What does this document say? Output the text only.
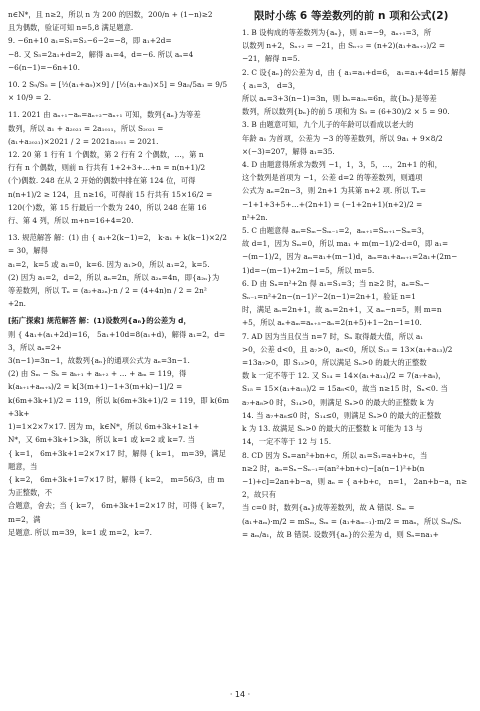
n∈N*，且 n≥2，所以 n 为 200 的因数，200/n + (1−n)≥2

且为偶数，验证可知 n=5,8 满足题意.

9. −6n+10 a₁=S₁=S₂−6−2=−8，即 a₁+2d=

−8. 又 S₅=2a₁+d=2，解得 a₁=4，d=−6. 所以 aₙ=4

−6(n−1)=−6n+10.

10. 2 S₉/S₅ = [½(a₁+a₉)×9] / [½(a₁+a₅)×5] = 9a₅/5a₃ = 9/5 × 10/9 = 2.

11. 2021 由 aₙ₊₁−aₙ=aₙ₊₂−aₙ₊₁ 可知，数列{aₙ}为等差

数列，所以 a₁ + a₂₀₂₁ = 2a₁₀₁₁，所以 S₂₀₂₁ =

(a₁+a₂₀₂₁)×2021 / 2 = 2021a₁₀₁₁ = 2021.

12. 20 第 1 行有 1 个偶数，第 2 行有 2 个偶数，…，第 n

行有 n 个偶数，则前 n 行共有 1+2+3+…+n = n(n+1)/2

(个)偶数. 248 在从 2 开始的偶数中排在第 124 位，可得

n(n+1)/2 ≥ 124，且 n≥16，可得前 15 行共有 15×16/2 =

120(个)数，第 15 行最后一个数为 240，所以 248 在第 16

行、第 4 列，所以 m+n=16+4=20.

13. 规范解答 解：(1) 由 { a₁+2(k−1)=2， k·a₁ + k(k−1)×2/2 = 30，解得

a₁=2，k=5 或 a₁=0，k=6. 因为 a₁>0，所以 a₁=2，k=5.

(2) 因为 a₁=2，d=2，所以 aₙ=2n，所以 a₂ₙ=4n，即{a₂ₙ}为

等差数列，所以 Tₙ = (a₂+a₂ₙ)·n / 2 = (4+4n)n / 2 = 2n²

+2n.

[拓广探索] 规范解答 解：(1)设数列{aₙ}的公差为 d，

则 { 4a₁+(a₁+2d)=16， 5a₁+10d=8(a₁+d)，解得 a₁=2，d=3，所以 aₙ=2+

3(n−1)=3n−1，故数列{aₙ}的通项公式为 aₙ=3n−1.

(2) 由 Sₘ − Sₖ = aₖ₊₁ + aₖ₊₂ + … + aₘ = 119，得

k(aₖ₊₁+aₘ₊ₖ)/2 = k[3(m+1)−1+3(m+k)−1]/2 =

k(6m+3k+1)/2 = 119，所以 k(6m+3k+1)/2 = 119，即 k(6m+3k+

1)=1×2×7×17. 因为 m，k∈N*，所以 6m+3k+1≥1+

N*，又 6m+3k+1>3k，所以 k=1 或 k=2 或 k=7. 当

{ k=1， 6m+3k+1=2×7×17 时，解得 { k=1， m=39，满足题意，当

{ k=2， 6m+3k+1=7×17 时，解得 { k=2， m=56/3，由 m 为正整数，不

合题意，舍去；当 { k=7， 6m+3k+1=2×17 时，可得 { k=7， m=2，满

足题意. 所以 m=39，k=1 或 m=2，k=7.

限时小练 6 等差数列的前 n 项和公式(2)

1. B 设构成的等差数列为{aₙ}，则 a₁=−9，aₙ₊₁=3，所

以数列 n+2，Sₙ₊₂ = −21，由 Sₙ₊₂ = (n+2)(a₁+aₙ₊₂)/2 =

−21，解得 n=5.

2. C 设{aₙ}的公差为 d，由 { a₁=a₁+d=6， a₁=a₁+4d=15 解得 { a₁=3， d=3，

所以 aₙ=3+3(n−1)=3n，则 bₙ=a₂ₙ=6n，故{bₙ}是等差

数列，所以数列{bₙ}的前 5 项和为 S₅ = (6+30)/2 × 5 = 90.

3. B 由题意可知，九个儿子的年龄可以看成以老大的

年龄 a₁ 为首项，公差为 −3 的等差数列，所以 9a₁ + 9×8/2

×(−3)=207，解得 a₁=35.

4. D 由题意得所求为数列 −1，1，3，5，…，2n+1 的和，

这个数列是首项为 −1，公差 d=2 的等差数列，则通项

公式为 aₙ=2n−3，则 2n+1 为其第 n+2 项. 所以 Tₙ=

−1+1+3+5+…+(2n+1) = (−1+2n+1)(n+2)/2 =

n²+2n.

5. C 由题意得 aₘ=Sₘ−Sₘ₋₁=2，aₘ₊₁=Sₘ₊₁−Sₘ=3，

故 d=1，因为 Sₘ=0，所以 ma₁ + m(m−1)/2·d=0，即 a₁=

−(m−1)/2，因为 aₘ=a₁+(m−1)d，aₘ=a₁+aₘ₊₁=2a₁+(2m−

1)d=−(m−1)+2m−1=5，所以 m=5.

6. D 由 Sₙ=n²+2n 得 a₁=S₁=3；当 n≥2 时，aₙ=Sₙ−

Sₙ₋₁=n²+2n−(n−1)²−2(n−1)=2n+1，验证 n=1

时，满足 aₙ=2n+1，故 aₙ=2n+1，又 aₘ−n=5，则 m=n

+5，所以 aₙ+aₘ=aₙ₊₅−aₙ=2(n+5)+1−2n−1=10.

7. AD 因为当且仅当 n=7 时，Sₙ 取得最大值，所以 a₁

>0，公差 d<0，且 a₇>0，a₈<0，所以 S₁₃ = 13×(a₁+a₁₃)/2

=13a₇>0，即 S₁₃>0，所以满足 Sₙ>0 的最大的正整数

数 k 一定不等于 12. 又 S₁₄ = 14×(a₁+a₁₄)/2 = 7(a₇+a₈)，

S₁₅ = 15×(a₁+a₁₅)/2 = 15a₈<0，故当 n≥15 时，Sₙ<0. 当

a₇+a₈>0 时，S₁₄>0，则满足 Sₙ>0 的最大的正整数 k 为

14. 当 a₇+a₈≤0 时，S₁₄≤0，则满足 Sₙ>0 的最大的正整数

k 为 13. 故满足 Sₙ>0 的最大的正整数 k 可能为 13 与

14，一定不等于 12 与 15.

8. CD 因为 Sₙ=an²+bn+c，所以 a₁=S₁=a+b+c，当

n≥2 时，aₙ=Sₙ−Sₙ₋₁=(an²+bn+c)−[a(n−1)²+b(n

−1)+c]=2an+b−a，则 aₙ = { a+b+c， n=1， 2an+b−a，n≥2，故只有

当 c=0 时，数列{aₙ}成等差数列，故 A 错误. Sₘ =

(a₁+aₘ)·m/2 = mSₘ, Sₘ = (a₁+aₘ₋₁)·m/2 = maₙ，所以 Sₘ/Sₙ

= aₘ/a₁，故 B 错误. 设数列{aₙ}的公差为 d，则 Sₙ=na₁+

· 14 ·
